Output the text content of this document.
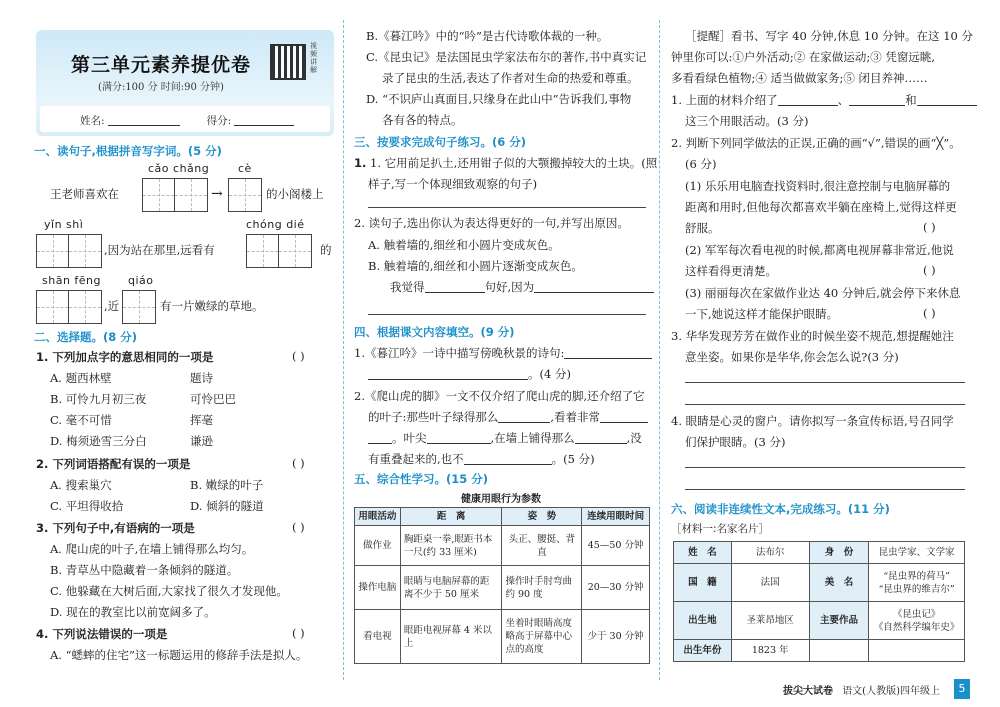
第三单元素养提优卷
(满分:100 分 时间:90 分钟)
视频讲解
姓名:	得分:
一、读句子,根据拼音写字词。(5 分)
cǎo chǎng	cè
王老师喜欢在	→	的小阁楼上
yǐn shì	chóng dié
,因为站在那里,远看有	的
shān fēng qiáo
,近	有一片嫩绿的草地。
二、选择题。(8 分)
1. 下列加点字的意思相同的一项是	( )
A. 题西林壁	题诗
B. 可怜九月初三夜	可怜巴巴
C. 毫不可惜	挥毫
D. 梅须逊雪三分白	谦逊
2. 下列词语搭配有误的一项是	( )
A. 搜索巢穴	B. 嫩绿的叶子
C. 平坦得收拾	D. 倾斜的隧道
3. 下列句子中,有语病的一项是	( )
A. 爬山虎的叶子,在墙上铺得那么均匀。
B. 青草丛中隐藏着一条倾斜的隧道。
C. 他躲藏在大树后面,大家找了很久才发现他。
D. 现在的教室比以前宽阔多了。
4. 下列说法错误的一项是	( )
A. “蟋蟀的住宅”这一标题运用的修辞手法是拟人。
B.《暮江吟》中的“吟”是古代诗歌体裁的一种。
C.《昆虫记》是法国昆虫学家法布尔的著作,书中真实记
录了昆虫的生活,表达了作者对生命的热爱和尊重。
D. “不识庐山真面目,只缘身在此山中”告诉我们,事物
各有各的特点。
三、按要求完成句子练习。(6 分)
1. 1. 它用前足扒土,还用钳子似的大颚搬掉较大的土块。(照
样子,写一个体现细致观察的句子)
2. 读句子,选出你认为表达得更好的一句,并写出原因。
A. 触着墙的,细丝和小圆片变成灰色。
B. 触着墙的,细丝和小圆片逐渐变成灰色。
我觉得	句好,因为
四、根据课文内容填空。(9 分)
1.《暮江吟》一诗中描写傍晚秋景的诗句:
。(4 分)
2.《爬山虎的脚》一文不仅介绍了爬山虎的脚,还介绍了它
的叶子:那些叶子绿得那么	,看着非常
。叶尖	,在墙上铺得那么	,没
有重叠起来的,也不	。(5 分)
五、综合性学习。(15 分)
健康用眼行为参数
用眼活动	距　离	姿　势	连续用眼时间
做作业	胸距桌一拳,眼距书本一尺(约 33 厘米)	头正、腰挺、背直	45—50 分钟
操作电脑	眼睛与电脑屏幕的距离不少于 50 厘米	操作时手肘弯曲约 90 度	20—30 分钟
看电视	眼距电视屏幕 4 米以上	坐着时眼睛高度略高于屏幕中心点的高度	少于 30 分钟
［提醒］看书、写字 40 分钟,休息 10 分钟。在这 10 分
钟里你可以:①户外活动;② 在家做运动;③ 凭窗远眺,
多看看绿色植物;④ 适当做做家务;⑤ 闭目养神……
1. 上面的材料介绍了	、	和
这三个用眼活动。(3 分)
2. 判断下列同学做法的正误,正确的画“√”,错误的画“╳”。
(6 分)
(1) 乐乐用电脑查找资料时,很注意控制与电脑屏幕的
距离和用时,但他每次都喜欢半躺在座椅上,觉得这样更
舒服。	( )
(2) 军军每次看电视的时候,都离电视屏幕非常近,他说
这样看得更清楚。	( )
(3) 丽丽每次在家做作业达 40 分钟后,就会停下来休息
一下,她说这样才能保护眼睛。	( )
3. 华华发现芳芳在做作业的时候坐姿不规范,想提醒她注
意坐姿。如果你是华华,你会怎么说?(3 分)
4. 眼睛是心灵的窗户。请你拟写一条宣传标语,号召同学
们保护眼睛。(3 分)
六、阅读非连续性文本,完成练习。(11 分)
［材料一:名家名片］
姓　名	法布尔	身　份	昆虫学家、文学家
国　籍	法国	美　名	“昆虫界的荷马”
“昆虫界的维吉尔”
出生地	圣莱昂地区	主要作品	《昆虫记》
《自然科学编年史》
出生年份	1823 年		
拔尖大试卷 语文(人教版)四年级上	5
